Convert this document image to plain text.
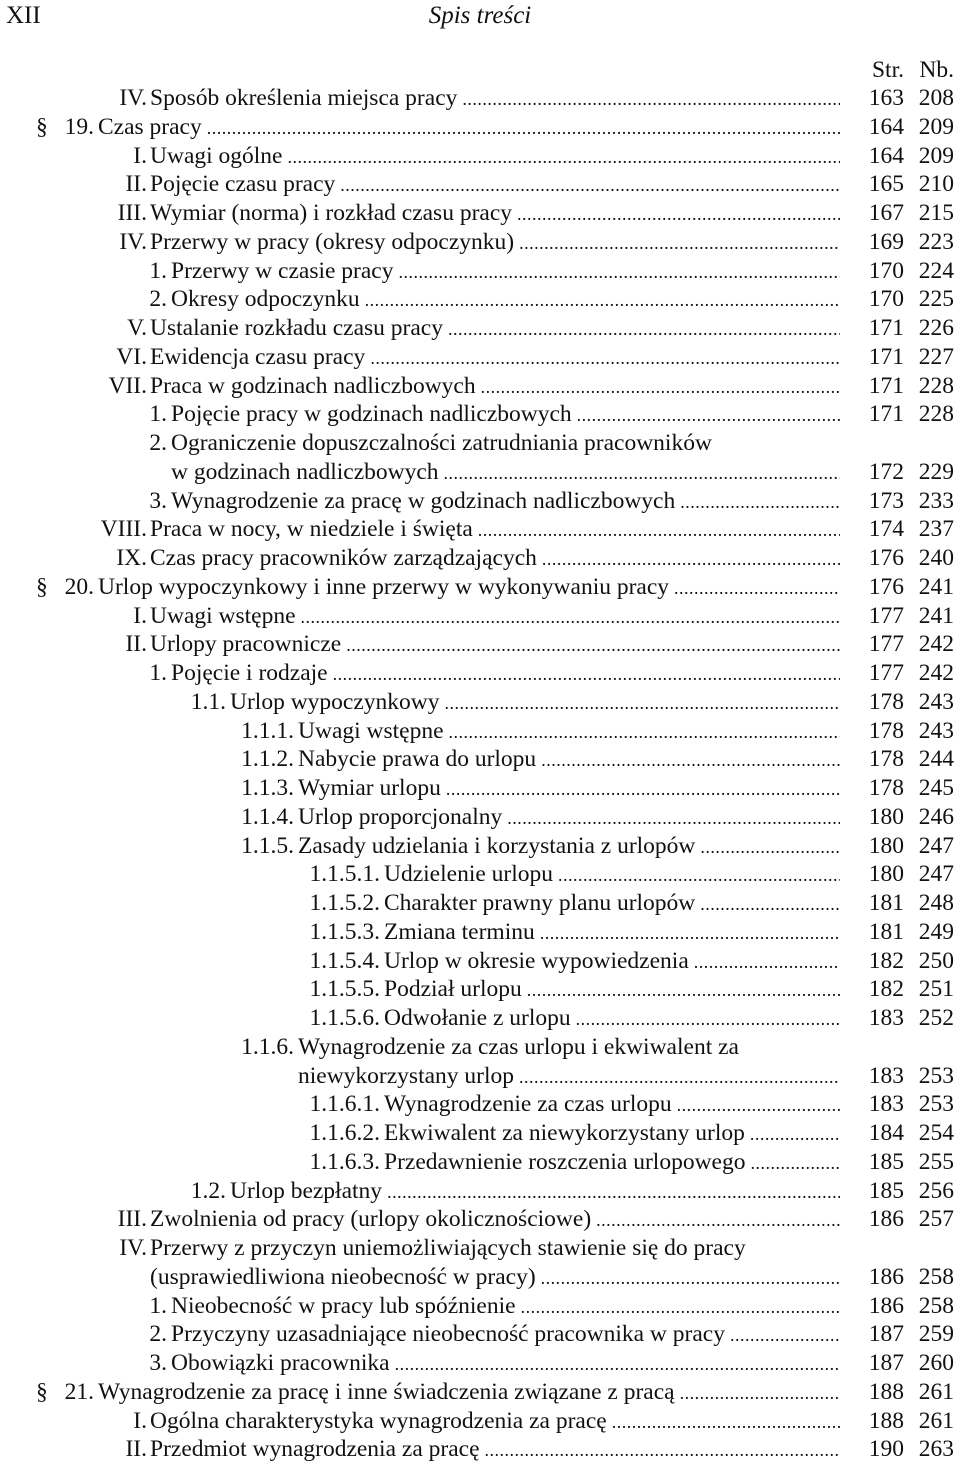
XII	Spis treści
Str. Nb.
IV. Sposób określenia miejsca pracy .....	163 208
§ 19. Czas pracy .....	164 209
I. Uwagi ogólne .....	164 209
II. Pojęcie czasu pracy .....	165 210
III. Wymiar (norma) i rozkład czasu pracy .....	167 215
IV. Przerwy w pracy (okresy odpoczynku) .....	169 223
1. Przerwy w czasie pracy .....	170 224
2. Okresy odpoczynku .....	170 225
V. Ustalanie rozkładu czasu pracy .....	171 226
VI. Ewidencja czasu pracy .....	171 227
VII. Praca w godzinach nadliczbowych .....	171 228
1. Pojęcie pracy w godzinach nadliczbowych .....	171 228
2. Ograniczenie dopuszczalności zatrudniania pracowników
w godzinach nadliczbowych .....	172 229
3. Wynagrodzenie za pracę w godzinach nadliczbowych .....	173 233
VIII. Praca w nocy, w niedziele i święta .....	174 237
IX. Czas pracy pracowników zarządzających .....	176 240
§ 20. Urlop wypoczynkowy i inne przerwy w wykonywaniu pracy .....	176 241
I. Uwagi wstępne .....	177 241
II. Urlopy pracownicze .....	177 242
1. Pojęcie i rodzaje .....	177 242
1.1. Urlop wypoczynkowy .....	178 243
1.1.1. Uwagi wstępne .....	178 243
1.1.2. Nabycie prawa do urlopu .....	178 244
1.1.3. Wymiar urlopu .....	178 245
1.1.4. Urlop proporcjonalny .....	180 246
1.1.5. Zasady udzielania i korzystania z urlopów .....	180 247
1.1.5.1. Udzielenie urlopu .....	180 247
1.1.5.2. Charakter prawny planu urlopów .....	181 248
1.1.5.3. Zmiana terminu .....	181 249
1.1.5.4. Urlop w okresie wypowiedzenia .....	182 250
1.1.5.5. Podział urlopu .....	182 251
1.1.5.6. Odwołanie z urlopu .....	183 252
1.1.6. Wynagrodzenie za czas urlopu i ekwiwalent za
niewykorzystany urlop .....	183 253
1.1.6.1. Wynagrodzenie za czas urlopu .....	183 253
1.1.6.2. Ekwiwalent za niewykorzystany urlop .....	184 254
1.1.6.3. Przedawnienie roszczenia urlopowego .....	185 255
1.2. Urlop bezpłatny .....	185 256
III. Zwolnienia od pracy (urlopy okolicznościowe) .....	186 257
IV. Przerwy z przyczyn uniemożliwiających stawienie się do pracy
(usprawiedliwiona nieobecność w pracy) .....	186 258
1. Nieobecność w pracy lub spóźnienie .....	186 258
2. Przyczyny uzasadniające nieobecność pracownika w pracy .....	187 259
3. Obowiązki pracownika .....	187 260
§ 21. Wynagrodzenie za pracę i inne świadczenia związane z pracą .....	188 261
I. Ogólna charakterystyka wynagrodzenia za pracę .....	188 261
II. Przedmiot wynagrodzenia za pracę .....	190 263
